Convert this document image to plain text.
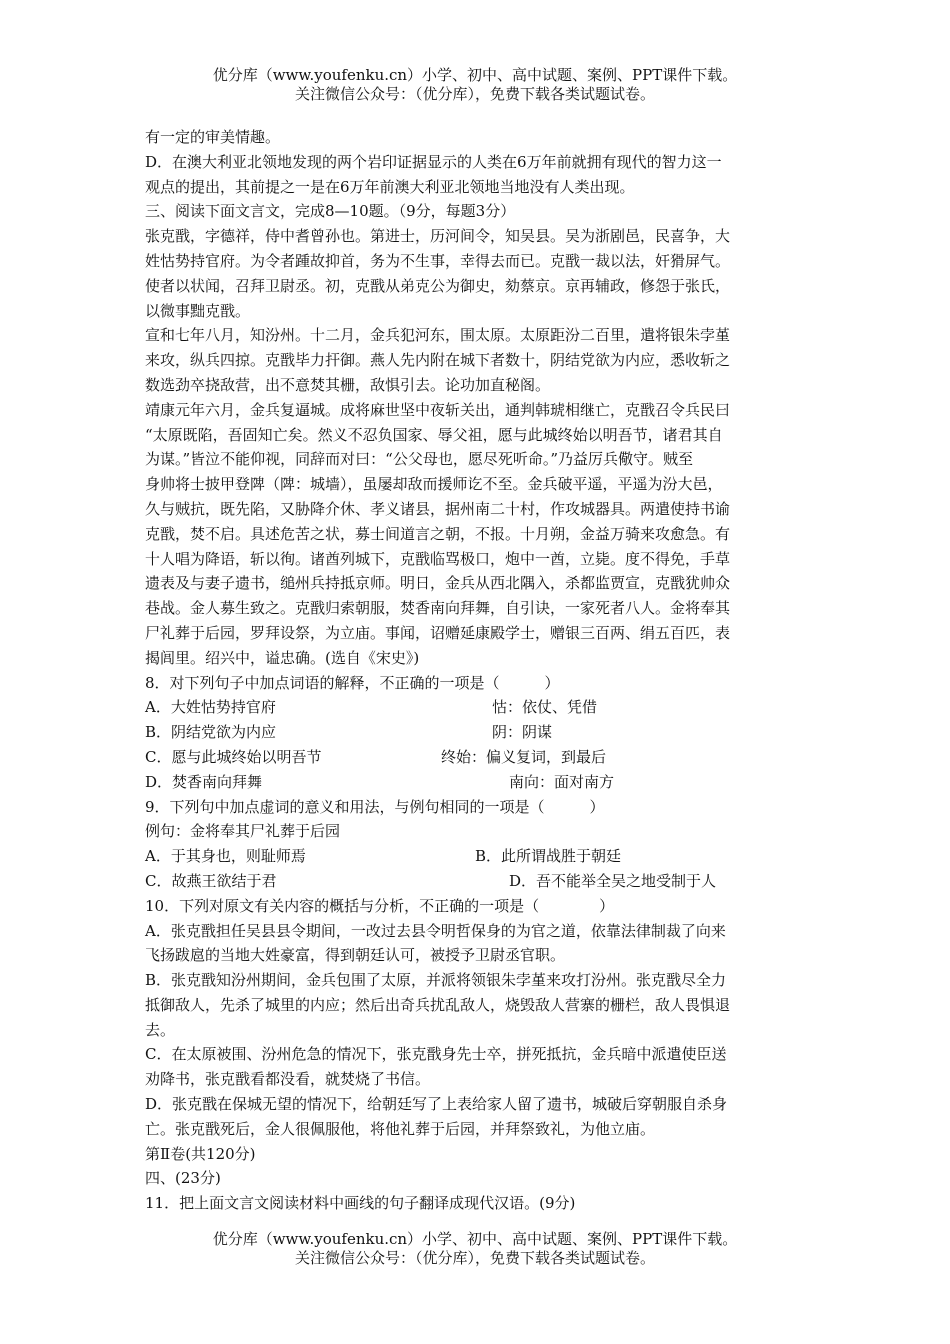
优分库（www.youfenku.cn）小学、初中、高中试题、案例、PPT课件下载。
关注微信公众号：（优分库），免费下载各类试题试卷。
有一定的审美情趣。
D．在澳大利亚北领地发现的两个岩印证据显示的人类在6万年前就拥有现代的智力这一
观点的提出，其前提之一是在6万年前澳大利亚北领地当地没有人类出现。
三、阅读下面文言文，完成8—10题。（9分，每题3分）
张克戬，字德祥，侍中耆曾孙也。第进士，历河间令，知吴县。吴为浙剧邑，民喜争，大
姓怙势持官府。为令者踵故抑首，务为不生事，幸得去而已。克戬一裁以法，奸猾屏气。
使者以状闻，召拜卫尉丞。初，克戬从弟克公为御史，劾蔡京。京再辅政，修怨于张氏，
以微事黜克戬。
宣和七年八月，知汾州。十二月，金兵犯河东，围太原。太原距汾二百里，遣将银朱孛堇
来攻，纵兵四掠。克戬毕力扞御。燕人先内附在城下者数十，阴结党欲为内应，悉收斩之
数选劲卒挠敌营，出不意焚其栅，敌惧引去。论功加直秘阁。
靖康元年六月，金兵复逼城。成将麻世坚中夜斩关出，通判韩琥相继亡，克戬召令兵民曰
“太原既陷，吾固知亡矣。然义不忍负国家、辱父祖，愿与此城终始以明吾节，诸君其自
为谋。”皆泣不能仰视，同辞而对曰：“公父母也，愿尽死听命。”乃益厉兵儆守。贼至
身帅将士披甲登陴（陴：城墙），虽屡却敌而援师讫不至。金兵破平遥，平遥为汾大邑，
久与贼抗，既先陷，又胁降介休、孝义诸县，据州南二十村，作攻城器具。两遣使持书谕
克戬，焚不启。具述危苦之状，募士间道言之朝，不报。十月朔，金益万骑来攻愈急。有
十人唱为降语，斩以徇。诸酋列城下，克戬临骂极口，炮中一酋，立毙。度不得免，手草
遗表及与妻子遗书，缒州兵持抵京师。明日，金兵从西北隅入，杀都监贾宣，克戬犹帅众
巷战。金人募生致之。克戬归索朝服，焚香南向拜舞，自引诀，一家死者八人。金将奉其
尸礼葬于后园，罗拜设祭，为立庙。事闻，诏赠延康殿学士，赠银三百两、绢五百匹，表
揭闾里。绍兴中，谥忠确。(选自《宋史》)
8．对下列句子中加点词语的解释，不正确的一项是（　　　）
A．大姓怙势持官府	怙：依仗、凭借
B．阴结党欲为内应	阴：阴谋
C．愿与此城终始以明吾节	终始：偏义复词，到最后
D．焚香南向拜舞	南向：面对南方
9．下列句中加点虚词的意义和用法，与例句相同的一项是（　　　）
例句：金将奉其尸礼葬于后园
A．于其身也，则耻师焉	B．此所谓战胜于朝廷
C．故燕王欲结于君	D．吾不能举全吴之地受制于人
10．下列对原文有关内容的概括与分析，不正确的一项是（　　　　）
A．张克戬担任吴县县令期间，一改过去县令明哲保身的为官之道，依靠法律制裁了向来
飞扬跋扈的当地大姓豪富，得到朝廷认可，被授予卫尉丞官职。
B．张克戬知汾州期间，金兵包围了太原，并派将领银朱孛堇来攻打汾州。张克戬尽全力
抵御敌人，先杀了城里的内应；然后出奇兵扰乱敌人，烧毁敌人营寨的栅栏，敌人畏惧退
去。
C．在太原被围、汾州危急的情况下，张克戬身先士卒，拼死抵抗，金兵暗中派遣使臣送
劝降书，张克戬看都没看，就焚烧了书信。
D．张克戬在保城无望的情况下，给朝廷写了上表给家人留了遗书，城破后穿朝服自杀身
亡。张克戬死后，金人很佩服他，将他礼葬于后园，并拜祭致礼，为他立庙。
第Ⅱ卷(共120分)
四、(23分)
11．把上面文言文阅读材料中画线的句子翻译成现代汉语。(9分)
优分库（www.youfenku.cn）小学、初中、高中试题、案例、PPT课件下载。
关注微信公众号：（优分库），免费下载各类试题试卷。
